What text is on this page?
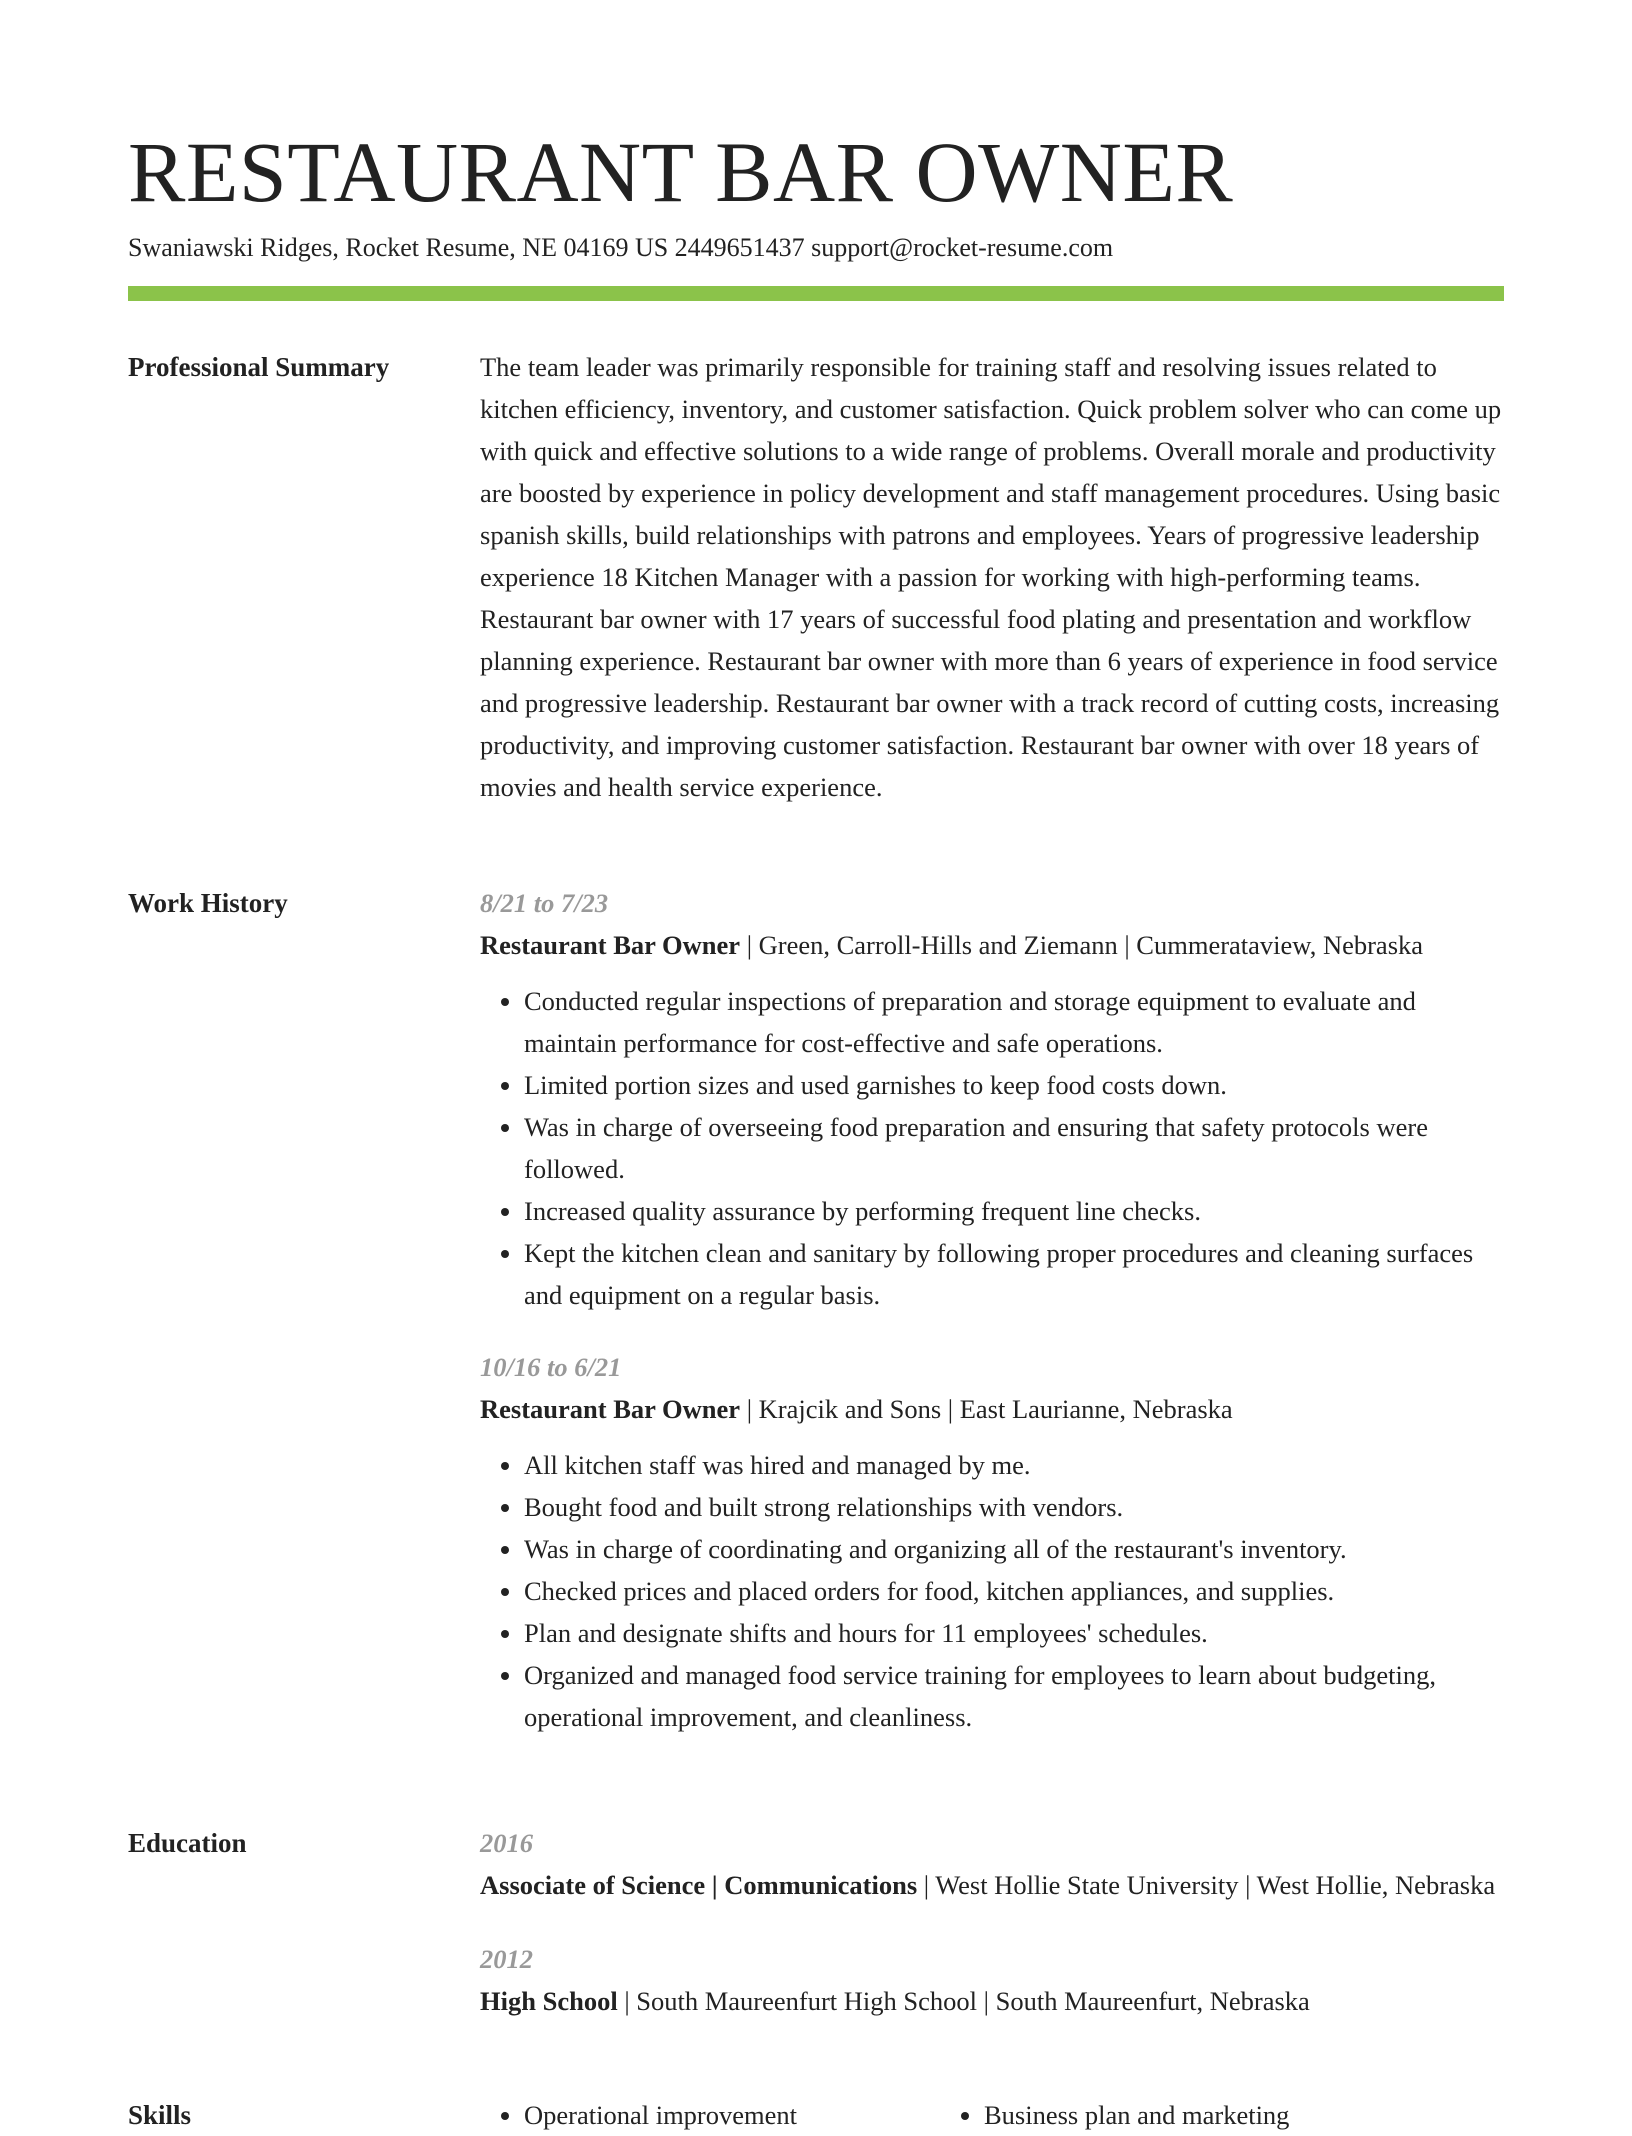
RESTAURANT BAR OWNER
Swaniawski Ridges, Rocket Resume, NE 04169 US 2449651437 support@rocket-resume.com
Professional Summary	The team leader was primarily responsible for training staff and resolving issues related to kitchen efficiency, inventory, and customer satisfaction. Quick problem solver who can come up with quick and effective solutions to a wide range of problems. Overall morale and productivity are boosted by experience in policy development and staff management procedures. Using basic spanish skills, build relationships with patrons and employees. Years of progressive leadership experience 18 Kitchen Manager with a passion for working with high-performing teams. Restaurant bar owner with 17 years of successful food plating and presentation and workflow planning experience. Restaurant bar owner with more than 6 years of experience in food service and progressive leadership. Restaurant bar owner with a track record of cutting costs, increasing productivity, and improving customer satisfaction. Restaurant bar owner with over 18 years of movies and health service experience.
Work History	8/21 to 7/23
Restaurant Bar Owner | Green, Carroll-Hills and Ziemann | Cummerataview, Nebraska
• Conducted regular inspections of preparation and storage equipment to evaluate and maintain performance for cost-effective and safe operations.
• Limited portion sizes and used garnishes to keep food costs down.
• Was in charge of overseeing food preparation and ensuring that safety protocols were followed.
• Increased quality assurance by performing frequent line checks.
• Kept the kitchen clean and sanitary by following proper procedures and cleaning surfaces and equipment on a regular basis.
10/16 to 6/21
Restaurant Bar Owner | Krajcik and Sons | East Laurianne, Nebraska
• All kitchen staff was hired and managed by me.
• Bought food and built strong relationships with vendors.
• Was in charge of coordinating and organizing all of the restaurant's inventory.
• Checked prices and placed orders for food, kitchen appliances, and supplies.
• Plan and designate shifts and hours for 11 employees' schedules.
• Organized and managed food service training for employees to learn about budgeting, operational improvement, and cleanliness.
Education	2016
Associate of Science | Communications | West Hollie State University | West Hollie, Nebraska
2012
High School | South Maureenfurt High School | South Maureenfurt, Nebraska
Skills	• Operational improvement	• Business plan and marketing
